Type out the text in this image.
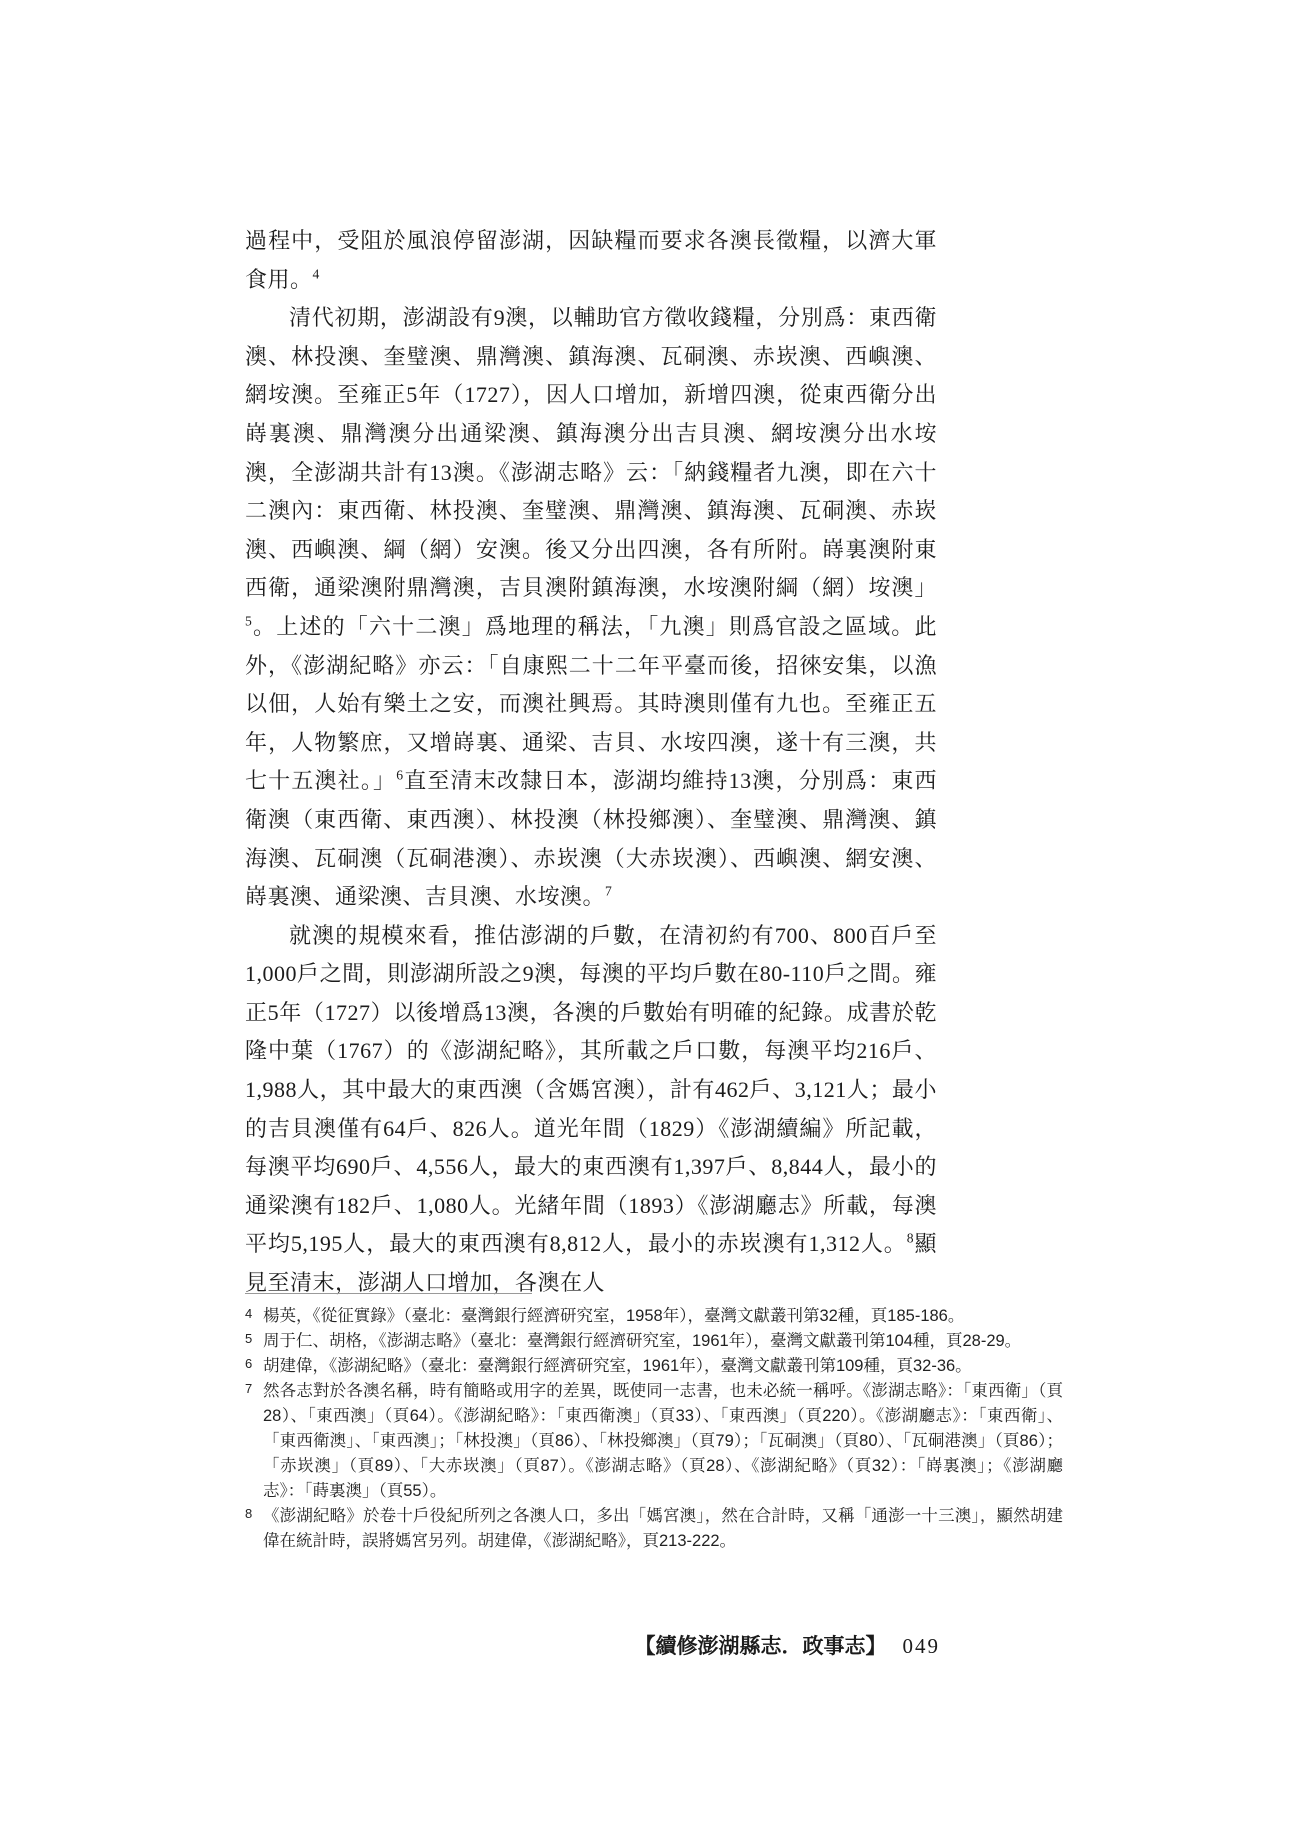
過程中，受阻於風浪停留澎湖，因缺糧而要求各澳長徵糧，以濟大軍食用。$^4$

清代初期，澎湖設有9澳，以輔助官方徵收錢糧，分別爲：東西衛澳、林投澳、奎璧澳、鼎灣澳、鎮海澳、瓦硐澳、赤崁澳、西嶼澳、網垵澳。至雍正5年（1727），因人口增加，新增四澳，從東西衛分出嵵裏澳、鼎灣澳分出通梁澳、鎮海澳分出吉貝澳、網垵澳分出水垵澳，全澎湖共計有13澳。《澎湖志略》云：「納錢糧者九澳，即在六十二澳內：東西衛、林投澳、奎璧澳、鼎灣澳、鎮海澳、瓦硐澳、赤崁澳、西嶼澳、綱（網）安澳。後又分出四澳，各有所附。嵵裏澳附東西衛，通梁澳附鼎灣澳，吉貝澳附鎮海澳，水垵澳附綱（網）垵澳」$^5$。上述的「六十二澳」爲地理的稱法，「九澳」則爲官設之區域。此外，《澎湖紀略》亦云：「自康熙二十二年平臺而後，招徠安集，以漁以佃，人始有樂土之安，而澳社興焉。其時澳則僅有九也。至雍正五年，人物繁庶，又增嵵裏、通梁、吉貝、水垵四澳，遂十有三澳，共七十五澳社。」$^6$直至清末改隸日本，澎湖均維持13澳，分別爲：東西衛澳（東西衛、東西澳）、林投澳（林投鄉澳）、奎璧澳、鼎灣澳、鎮海澳、瓦硐澳（瓦硐港澳）、赤崁澳（大赤崁澳）、西嶼澳、網安澳、嵵裏澳、通梁澳、吉貝澳、水垵澳。$^7$

就澳的規模來看，推估澎湖的戶數，在清初約有700、800百戶至1,000戶之間，則澎湖所設之9澳，每澳的平均戶數在80-110戶之間。雍正5年（1727）以後增爲13澳，各澳的戶數始有明確的紀錄。成書於乾隆中葉（1767）的《澎湖紀略》，其所載之戶口數，每澳平均216戶、1,988人，其中最大的東西澳（含媽宮澳），計有462戶、3,121人；最小的吉貝澳僅有64戶、826人。道光年間（1829）《澎湖續編》所記載，每澳平均690戶、4,556人，最大的東西澳有1,397戶、8,844人，最小的通梁澳有182戶、1,080人。光緒年間（1893）《澎湖廳志》所載，每澳平均5,195人，最大的東西澳有8,812人，最小的赤崁澳有1,312人。$^8$顯見至清末，澎湖人口增加，各澳在人

4 楊英，《從征實錄》（臺北：臺灣銀行經濟研究室，1958年），臺灣文獻叢刊第32種，頁185-186。
5 周于仁、胡格，《澎湖志略》（臺北：臺灣銀行經濟研究室，1961年），臺灣文獻叢刊第104種，頁28-29。
6 胡建偉，《澎湖紀略》（臺北：臺灣銀行經濟研究室，1961年），臺灣文獻叢刊第109種，頁32-36。
7 然各志對於各澳名稱，時有簡略或用字的差異，既使同一志書，也未必統一稱呼。《澎湖志略》：「東西衛」（頁28）、「東西澳」（頁64）。《澎湖紀略》：「東西衛澳」（頁33）、「東西澳」（頁220）。《澎湖廳志》：「東西衛」、「東西衛澳」、「東西澳」；「林投澳」（頁86）、「林投鄉澳」（頁79）；「瓦硐澳」（頁80）、「瓦硐港澳」（頁86）；「赤崁澳」（頁89）、「大赤崁澳」（頁87）。《澎湖志略》（頁28）、《澎湖紀略》（頁32）：「嵵裏澳」；《澎湖廳志》：「蒔裏澳」（頁55）。
8 《澎湖紀略》於卷十戶役紀所列之各澳人口，多出「媽宮澳」，然在合計時，又稱「通澎一十三澳」，顯然胡建偉在統計時，誤將媽宮另列。胡建偉，《澎湖紀略》，頁213-222。
【續修澎湖縣志．政事志】 049
